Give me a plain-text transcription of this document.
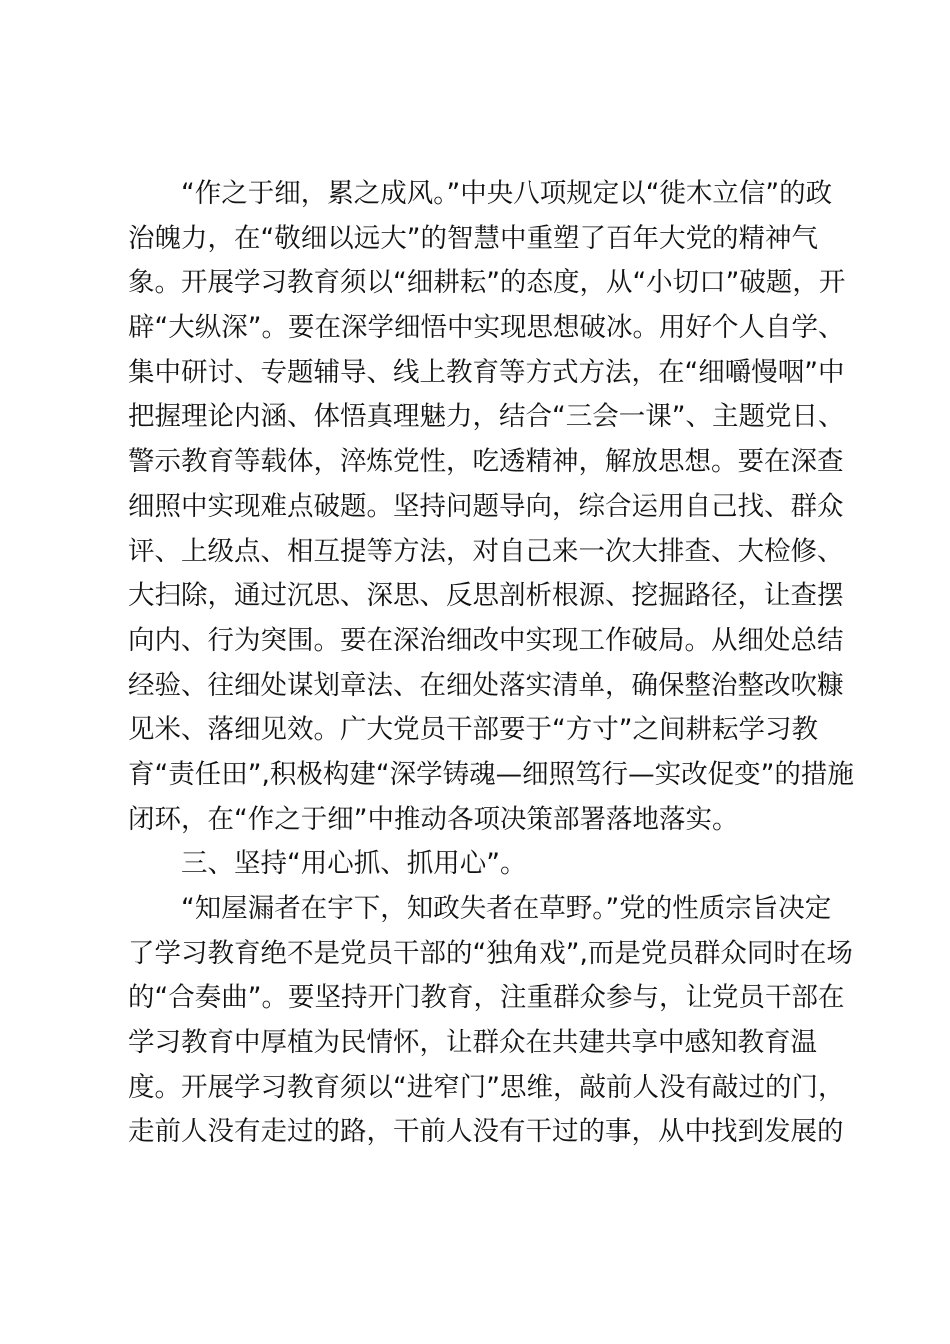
“作之于细，累之成风。”中央八项规定以“徙木立信”的政
治魄力，在“敬细以远大”的智慧中重塑了百年大党的精神气
象。开展学习教育须以“细耕耘”的态度，从“小切口”破题，开
辟“大纵深”。要在深学细悟中实现思想破冰。用好个人自学、
集中研讨、专题辅导、线上教育等方式方法，在“细嚼慢咽”中
把握理论内涵、体悟真理魅力，结合“三会一课”、主题党日、
警示教育等载体，淬炼党性，吃透精神，解放思想。要在深查
细照中实现难点破题。坚持问题导向，综合运用自己找、群众
评、上级点、相互提等方法，对自己来一次大排查、大检修、
大扫除，通过沉思、深思、反思剖析根源、挖掘路径，让查摆
向内、行为突围。要在深治细改中实现工作破局。从细处总结
经验、往细处谋划章法、在细处落实清单，确保整治整改吹糠
见米、落细见效。广大党员干部要于“方寸”之间耕耘学习教
育“责任田”,积极构建“深学铸魂—细照笃行—实改促变”的措施
闭环，在“作之于细”中推动各项决策部署落地落实。
三、坚持“用心抓、抓用心”。
“知屋漏者在宇下，知政失者在草野。”党的性质宗旨决定
了学习教育绝不是党员干部的“独角戏”,而是党员群众同时在场
的“合奏曲”。要坚持开门教育，注重群众参与，让党员干部在
学习教育中厚植为民情怀，让群众在共建共享中感知教育温
度。开展学习教育须以“进窄门”思维，敲前人没有敲过的门，
走前人没有走过的路，干前人没有干过的事，从中找到发展的
